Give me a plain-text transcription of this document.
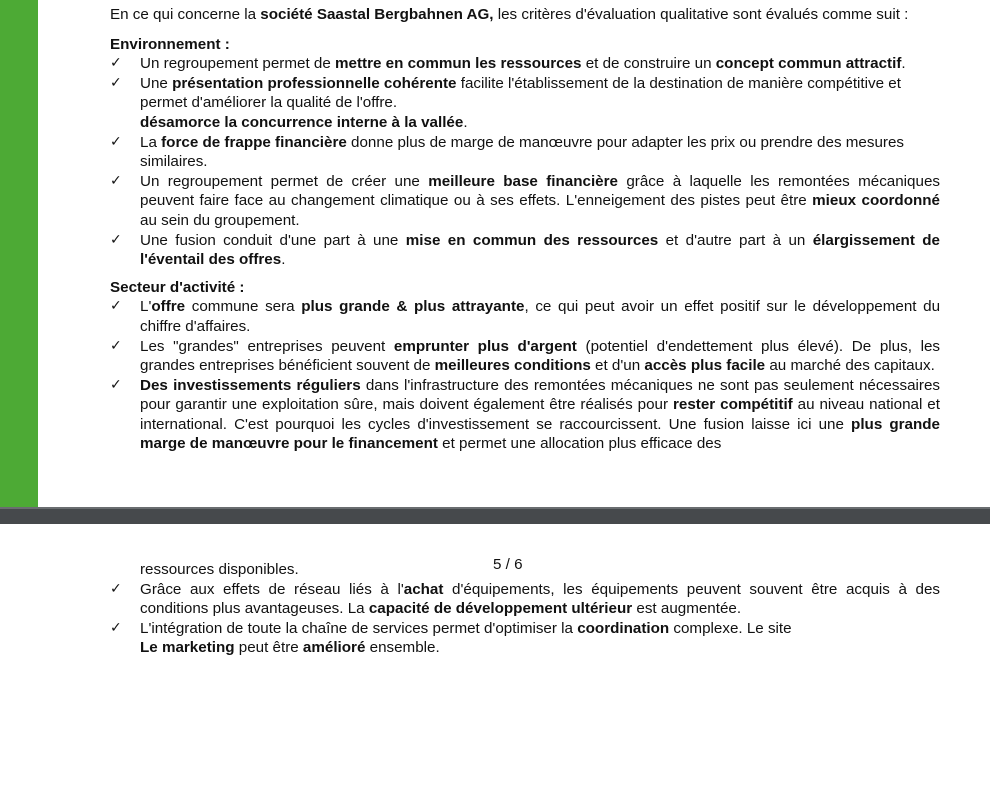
En ce qui concerne la société Saastal Bergbahnen AG, les critères d'évaluation qualitative sont évalués comme suit :

Environnement :

✓ Un regroupement permet de mettre en commun les ressources et de construire un concept commun attractif.
✓ Une présentation professionnelle cohérente facilite l'établissement de la destination de manière compétitive et permet d'améliorer la qualité de l'offre.

désamorce la concurrence interne à la vallée.

✓ La force de frappe financière donne plus de marge de manœuvre pour adapter les prix ou prendre des mesures similaires.
✓ Un regroupement permet de créer une meilleure base financière grâce à laquelle les remontées mécaniques peuvent faire face au changement climatique ou à ses effets. L'enneigement des pistes peut être mieux coordonné au sein du groupement.
✓ Une fusion conduit d'une part à une mise en commun des ressources et d'autre part à un élargissement de l'éventail des offres.

Secteur d'activité :

✓ L'offre commune sera plus grande & plus attrayante, ce qui peut avoir un effet positif sur le développement du chiffre d'affaires.
✓ Les "grandes" entreprises peuvent emprunter plus d'argent (potentiel d'endettement plus élevé). De plus, les grandes entreprises bénéficient souvent de meilleures conditions et d'un accès plus facile au marché des capitaux.
✓ Des investissements réguliers dans l'infrastructure des remontées mécaniques ne sont pas seulement nécessaires pour garantir une exploitation sûre, mais doivent également être réalisés pour rester compétitif au niveau national et international. C'est pourquoi les cycles d'investissement se raccourcissent. Une fusion laisse ici une plus grande marge de manœuvre pour le financement et permet une allocation plus efficace des
5 / 6

ressources disponibles.

✓ Grâce aux effets de réseau liés à l'achat d'équipements, les équipements peuvent souvent être acquis à des conditions plus avantageuses. La capacité de développement ultérieur est augmentée.
✓ L'intégration de toute la chaîne de services permet d'optimiser la coordination complexe. Le site

Le marketing peut être amélioré ensemble.
